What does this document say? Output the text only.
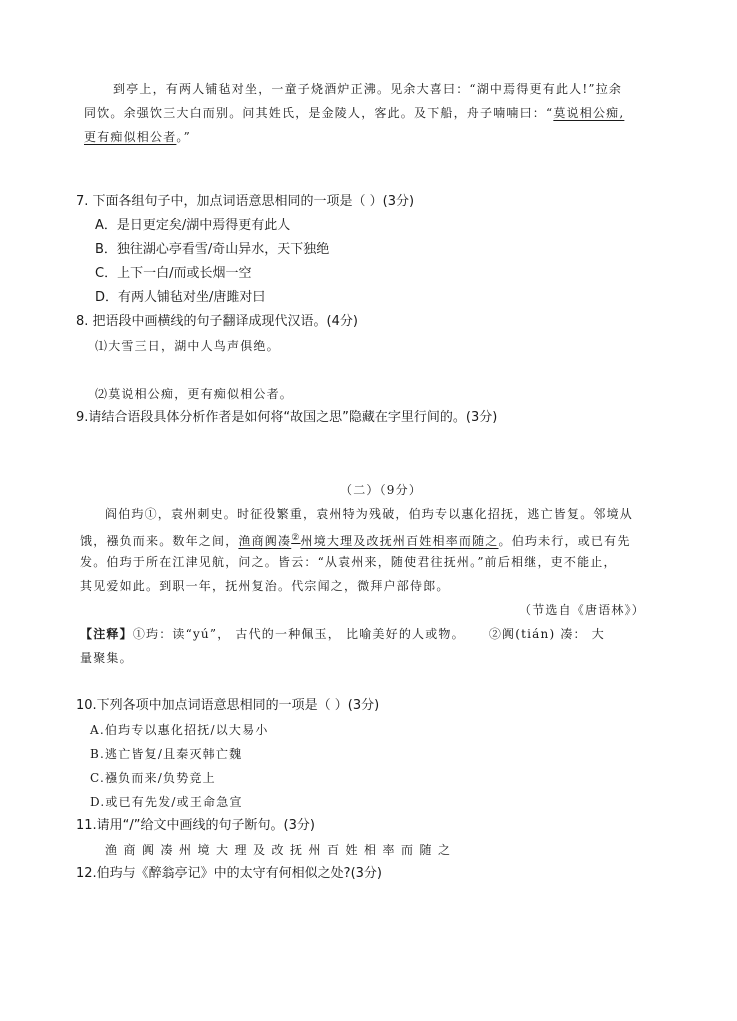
到亭上，有两人铺毡对坐，一童子烧酒炉正沸。见余大喜曰：“湖中焉得更有此人!”拉余
同饮。余强饮三大白而别。问其姓氏，是金陵人，客此。及下船，舟子喃喃曰：“莫说相公痴,
更有痴似相公者。”
7. 下面各组句子中，加点词语意思相同的一项是（ ）(3分)
A．是日更定矣/湖中焉得更有此人
B．独往湖心亭看雪/奇山异水，天下独绝
C．上下一白/而或长烟一空
D．有两人铺毡对坐/唐雎对曰
8. 把语段中画横线的句子翻译成现代汉语。(4分)
⑴大雪三日，湖中人鸟声俱绝。
⑵莫说相公痴，更有痴似相公者。
9.请结合语段具体分析作者是如何将“故国之思”隐藏在字里行间的。(3分)
（二）（9分）
阎伯玙①，袁州刺史。时征役繁重，袁州特为残破，伯玙专以惠化招抚，逃亡皆复。邻境从
饿，襁负而来。数年之间，渔商阗凑②州境大理及改抚州百姓相率而随之。伯玙未行，或已有先
发。伯玙于所在江津见航，问之。皆云：“从袁州来，随使君往抚州。”前后相继，吏不能止，
其见爱如此。到职一年，抚州复治。代宗闻之，微拜户部侍郎。
（节选自《唐语林》）
【注释】①玙：读“yú”， 古代的一种佩玉， 比喻美好的人或物。 ②阗(tián) 凑： 大
量聚集。
10.下列各项中加点词语意思相同的一项是（ ）(3分)
A.伯玙专以惠化招抚/以大易小
B.逃亡皆复/且秦灭韩亡魏
C.襁负而来/负势竞上
D.或已有先发/或王命急宣
11.请用“/”给文中画线的句子断句。(3分)
渔商阗凑州境大理及改抚州百姓相率而随之
12.伯玙与《醉翁亭记》中的太守有何相似之处?(3分)
